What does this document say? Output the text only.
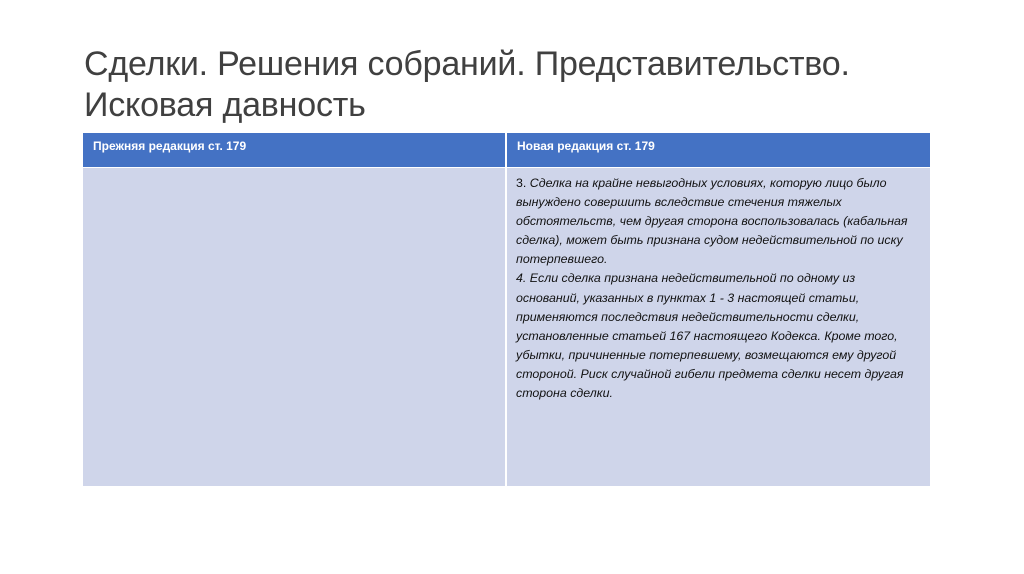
Сделки. Решения собраний. Представительство. Исковая давность
Прежняя редакция ст. 179	Новая редакция ст. 179

3. Сделка на крайне невыгодных условиях, которую лицо было вынуждено совершить вследствие стечения тяжелых обстоятельств, чем другая сторона воспользовалась (кабальная сделка), может быть признана судом недействительной по иску потерпевшего.

4. Если сделка признана недействительной по одному из оснований, указанных в пунктах 1 - 3 настоящей статьи, применяются последствия недействительности сделки, установленные статьей 167 настоящего Кодекса. Кроме того, убытки, причиненные потерпевшему, возмещаются ему другой стороной. Риск случайной гибели предмета сделки несет другая сторона сделки.
